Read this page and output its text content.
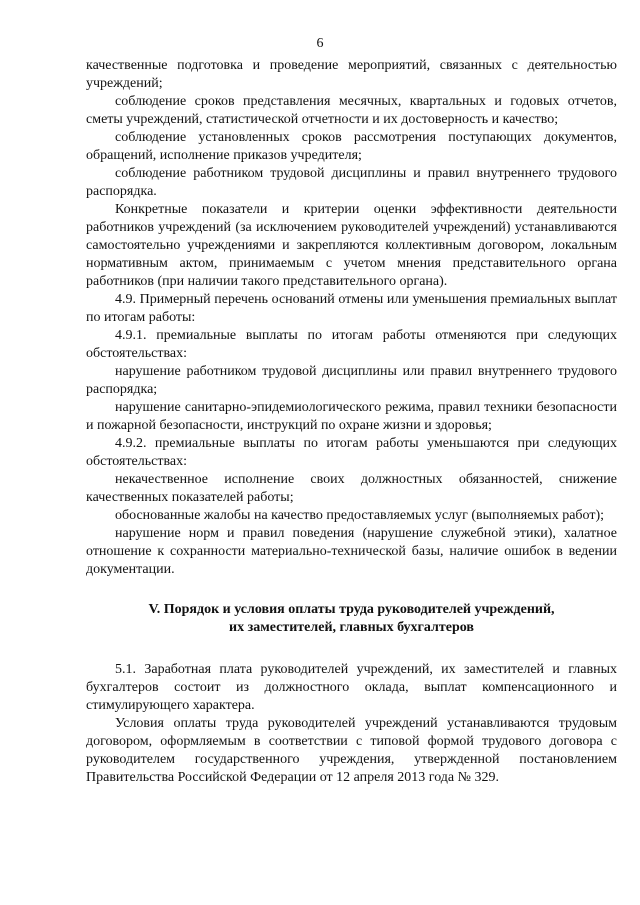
6

качественные подготовка и проведение мероприятий, связанных с деятельностью учреждений;

соблюдение сроков представления месячных, квартальных и годовых отчетов, сметы учреждений, статистической отчетности и их достоверность и качество;

соблюдение установленных сроков рассмотрения поступающих документов, обращений, исполнение приказов учредителя;

соблюдение работником трудовой дисциплины и правил внутреннего трудового распорядка.

Конкретные показатели и критерии оценки эффективности деятельности работников учреждений (за исключением руководителей учреждений) устанавливаются самостоятельно учреждениями и закрепляются коллективным договором, локальным нормативным актом, принимаемым с учетом мнения представительного органа работников (при наличии такого представительного органа).

4.9. Примерный перечень оснований отмены или уменьшения премиальных выплат по итогам работы:

4.9.1. премиальные выплаты по итогам работы отменяются при следующих обстоятельствах:

нарушение работником трудовой дисциплины или правил внутреннего трудового распорядка;

нарушение санитарно-эпидемиологического режима, правил техники безопасности и пожарной безопасности, инструкций по охране жизни и здоровья;

4.9.2. премиальные выплаты по итогам работы уменьшаются при следующих обстоятельствах:

некачественное исполнение своих должностных обязанностей, снижение качественных показателей работы;

обоснованные жалобы на качество предоставляемых услуг (выполняемых работ);

нарушение норм и правил поведения (нарушение служебной этики), халатное отношение к сохранности материально-технической базы, наличие ошибок в ведении документации.

V. Порядок и условия оплаты труда руководителей учреждений,
их заместителей, главных бухгалтеров

5.1. Заработная плата руководителей учреждений, их заместителей и главных бухгалтеров состоит из должностного оклада, выплат компенсационного и стимулирующего характера.

Условия оплаты труда руководителей учреждений устанавливаются трудовым договором, оформляемым в соответствии с типовой формой трудового договора с руководителем государственного учреждения, утвержденной постановлением Правительства Российской Федерации от 12 апреля 2013 года № 329.
